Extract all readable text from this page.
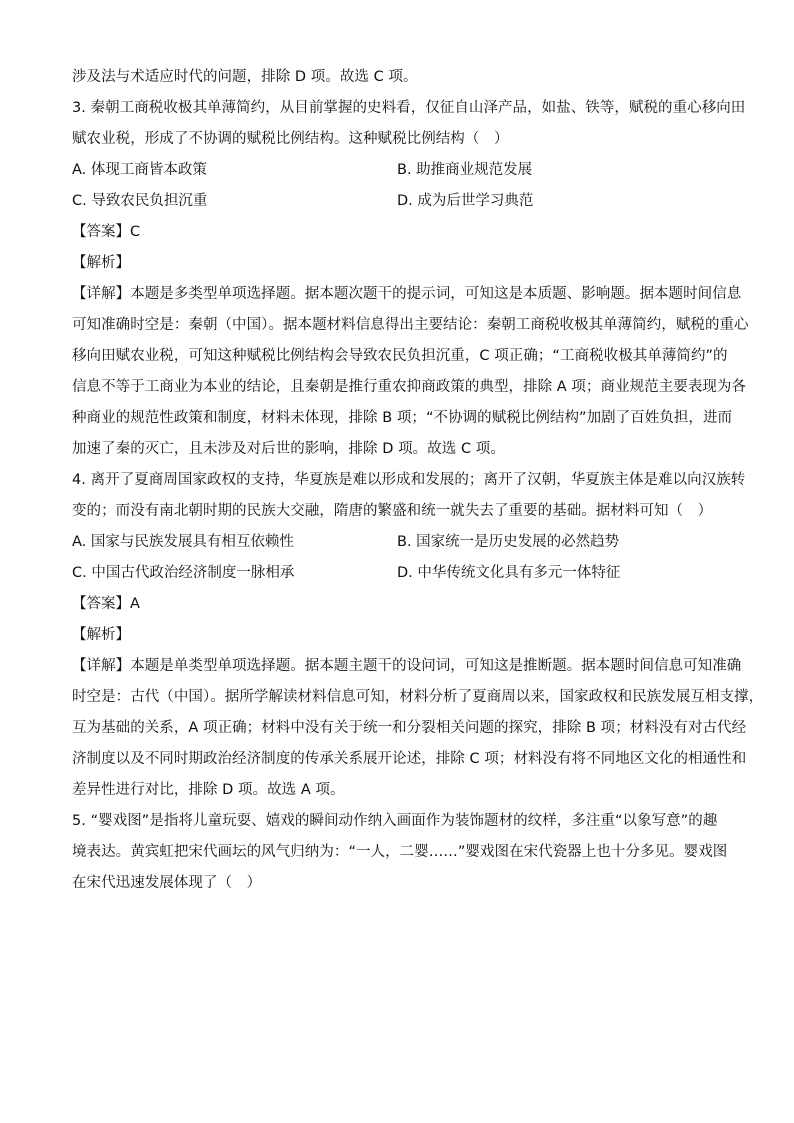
涉及法与术适应时代的问题，排除 D 项。故选 C 项。
3. 秦朝工商税收极其单薄简约，从目前掌握的史料看，仅征自山泽产品，如盐、铁等，赋税的重心移向田
赋农业税，形成了不协调的赋税比例结构。这种赋税比例结构（　）
A. 体现工商皆本政策	B. 助推商业规范发展
C. 导致农民负担沉重	D. 成为后世学习典范
【答案】C
【解析】
【详解】本题是多类型单项选择题。据本题次题干的提示词，可知这是本质题、影响题。据本题时间信息
可知准确时空是：秦朝（中国）。据本题材料信息得出主要结论：秦朝工商税收极其单薄简约，赋税的重心
移向田赋农业税，可知这种赋税比例结构会导致农民负担沉重，C 项正确；“工商税收极其单薄简约”的
信息不等于工商业为本业的结论，且秦朝是推行重农抑商政策的典型，排除 A 项；商业规范主要表现为各
种商业的规范性政策和制度，材料未体现，排除 B 项；“不协调的赋税比例结构”加剧了百姓负担，进而
加速了秦的灭亡，且未涉及对后世的影响，排除 D 项。故选 C 项。
4. 离开了夏商周国家政权的支持，华夏族是难以形成和发展的；离开了汉朝，华夏族主体是难以向汉族转
变的；而没有南北朝时期的民族大交融，隋唐的繁盛和统一就失去了重要的基础。据材料可知（　）
A. 国家与民族发展具有相互依赖性	B. 国家统一是历史发展的必然趋势
C. 中国古代政治经济制度一脉相承	D. 中华传统文化具有多元一体特征
【答案】A
【解析】
【详解】本题是单类型单项选择题。据本题主题干的设问词，可知这是推断题。据本题时间信息可知准确
时空是：古代（中国）。据所学解读材料信息可知，材料分析了夏商周以来，国家政权和民族发展互相支撑，
互为基础的关系，A 项正确；材料中没有关于统一和分裂相关问题的探究，排除 B 项；材料没有对古代经
济制度以及不同时期政治经济制度的传承关系展开论述，排除 C 项；材料没有将不同地区文化的相通性和
差异性进行对比，排除 D 项。故选 A 项。
5. “婴戏图”是指将儿童玩耍、嬉戏的瞬间动作纳入画面作为装饰题材的纹样，多注重“以象写意”的趣
境表达。黄宾虹把宋代画坛的风气归纳为：“一人，二婴……”婴戏图在宋代瓷器上也十分多见。婴戏图
在宋代迅速发展体现了（　）
